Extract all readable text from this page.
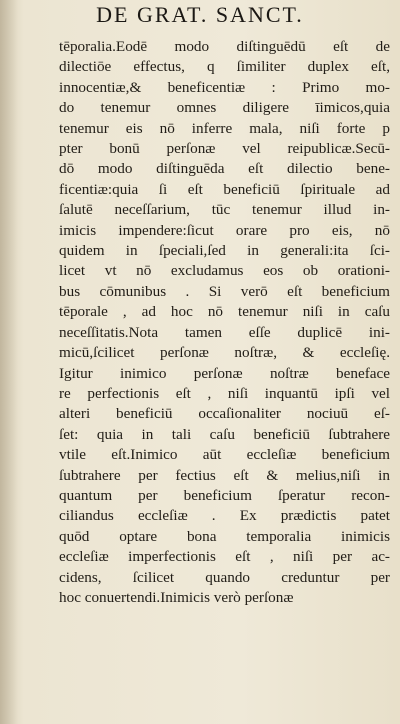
DE GRAT. SANCT.
tēporalia.Eodē modo diſtinguēdū eſt de
dilectiōe effectus, q ſimiliter duplex eſt,
innocentiæ,& beneficentiæ : Primo mo-
do tenemur omnes diligere īimicos,quia
tenemur eis nō inferre mala, niſi forte p
pter bonū perſonæ vel reipublicæ.Secū-
dō modo diſtinguēda eſt dilectio bene-
ficentiæ:quia ſi eſt beneficiū ſpirituale ad
ſalutē neceſſarium, tūc tenemur illud in-
imicis impendere:ſicut orare pro eis, nō
quidem in ſpeciali,ſed in generali:ita ſci-
licet vt nō excludamus eos ob orationi-
bus cōmunibus . Si verō eſt beneficium
tēporale , ad hoc nō tenemur niſi in caſu
neceſſitatis.Nota tamen eſſe duplicē ini-
micū,ſcilicet perſonæ noſtræ, & eccleſię.
Igitur inimico perſonæ noſtræ beneface
re perfectionis eſt , niſi inquantū ipſi vel
alteri beneficiū occaſionaliter nociuū eſ-
ſet: quia in tali caſu beneficiū ſubtrahere
vtile eſt.Inimico aūt eccleſiæ beneficium
ſubtrahere per fectius eſt & melius,niſi in
quantum per beneficium ſperatur recon-
ciliandus eccleſiæ . Ex prædictis patet
quōd optare bona temporalia inimicis
eccleſiæ imperfectionis eſt , niſi per ac-
cidens, ſcilicet quando creduntur per
hoc conuertendi.Inimicis verò perſonæ
